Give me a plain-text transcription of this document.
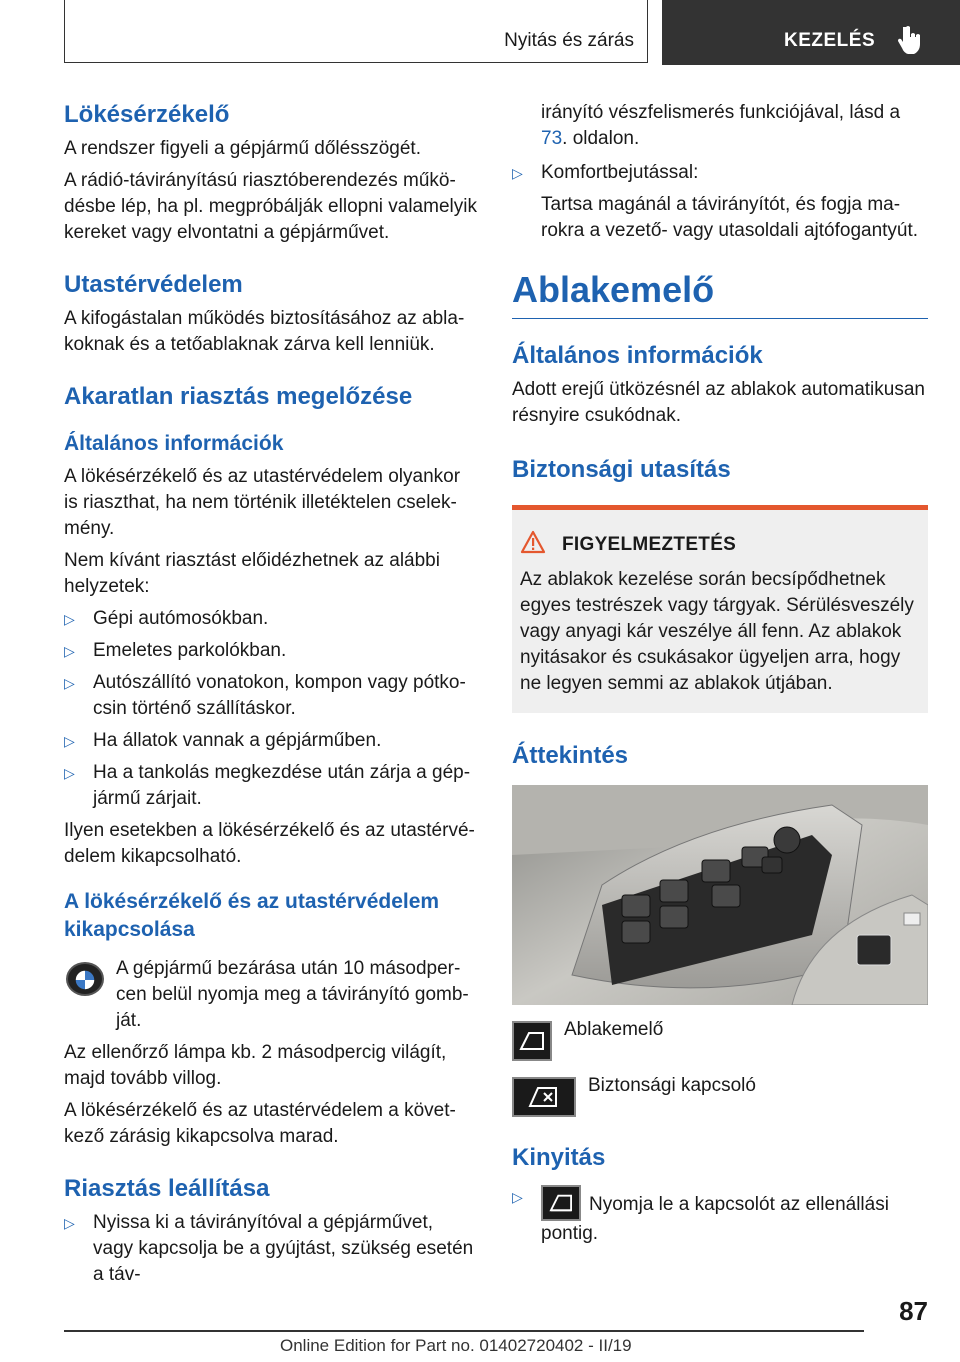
Nyitás és zárás	KEZELÉS
Lökésérzékelő

A rendszer figyeli a gépjármű dőlésszögét.

A rádió-távirányítású riasztóberendezés működésbe lép, ha pl. megpróbálják ellopni valamelyik kereket vagy elvontatni a gépjárművet.

Utastérvédelem

A kifogástalan működés biztosításához az ablakoknak és a tetőablaknak zárva kell lenniük.

Akaratlan riasztás megelőzése
Általános információk

A lökésérzékelő és az utastérvédelem olyankor is riaszthat, ha nem történik illetéktelen cselekmény.

Nem kívánt riasztást előidézhetnek az alábbi helyzetek:

▷ Gépi autómosókban.
▷ Emeletes parkolókban.
▷ Autószállító vonatokon, kompon vagy pótkocsin történő szállításkor.
▷ Ha állatok vannak a gépjárműben.
▷ Ha a tankolás megkezdése után zárja a gépjármű zárjait.

Ilyen esetekben a lökésérzékelő és az utastérvédelem kikapcsolható.

A lökésérzékelő és az utastérvédelem kikapcsolása

A gépjármű bezárása után 10 másodpercen belül nyomja meg a távirányító gombját.

Az ellenőrző lámpa kb. 2 másodpercig világít, majd tovább villog.

A lökésérzékelő és az utastérvédelem a következő zárásig kikapcsolva marad.

Riasztás leállítása
▷ Nyissa ki a távirányítóval a gépjárművet, vagy kapcsolja be a gyújtást, szükség esetén a táv-

irányító vészfelismerés funkciójával, lásd a 73. oldalon.

▷ Komfortbejutással:

Tartsa magánál a távirányítót, és fogja marokra a vezető- vagy utasoldali ajtófogantyút.

Ablakemelő
Általános információk

Adott erejű ütközésnél az ablakok automatikusan résnyire csukódnak.

Biztonsági utasítás
FIGYELMEZTETÉS

Az ablakok kezelése során becsípődhetnek egyes testrészek vagy tárgyak. Sérülésveszély vagy anyagi kár veszélye áll fenn. Az ablakok nyitásakor és csukásakor ügyeljen arra, hogy ne legyen semmi az ablakok útjában.

Áttekintés

Ablakemelő

Biztonsági kapcsoló

Kinyitás
▷	Nyomja le a kapcsolót az ellenállási pontig.

87
Online Edition for Part no. 01402720402 - II/19
